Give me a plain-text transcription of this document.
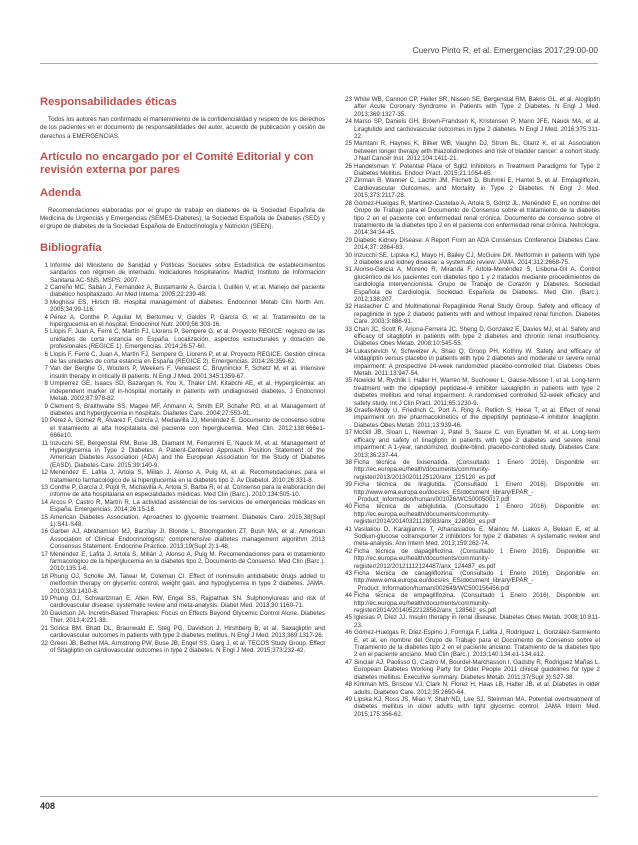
Cuervo Pinto R, et al. Emergencias 2017;29:00-00
Responsabilidades éticas

Todos los autores han confirmado el mantenimiento de la confidencialidad y respeto de los derechos de los pacientes en el documento de responsabilidades del autor, acuerdo de publicación y cesión de derechos a EMERGENCIAS.

Artículo no encargado por el Comité Editorial y con revisión externa por pares
Adenda

Recomendaciones elaboradas por el grupo de trabajo en diabetes de la Sociedad Española de Medicina de Urgencias y Emergencias (SEMES-Diabetes), la Sociedad Española de Diabetes (SED) y el grupo de diabetes de la Sociedad Española de Endocrinología y Nutrición (SEEN).

Bibliografía
1 Informe del Ministerio de Sanidad y Políticas Sociales sobre Estadística de establecimientos sanitarios con régimen de internado. Indicadores hospitalarios. Madrid; Instituto de Información Sanitaria AC-SNS. MSPS; 2007.
2 Carreño MC, Sabán J, Fernandez A, Bustamante A, García I, Guillén V, et al. Manejo del paciente diabético hospitalizado. An Med Interna. 2005;22:239-48.
3 Moghissi ES, Hirsch IB. Hospital management of diabetes. Endocrinol Metab Clin North Am. 2005;34:99-116.
4 Pérez A, Conthe P, Aguilar M, Bertomeu V, Galdós P, García G, et al. Tratamiento de la hiperglucemia en el hospital. Endocrinol Nutr. 2009;56:303-16.
5 Llopis F, Juan A, Ferré C, Martín FJ, Llorens P, Sempere G, et al. Proyecto REGICE: registro de las unidades de corta estancia en España. Localización, aspectos estructurales y dotación de profesionales (REGICE 1). Emergencias. 2014;26:57-60.
6 Llopis F, Ferré C, Juan A, Martín FJ, Sempere G, Llorens P, et al. Proyecto REGICE. Gestión clínica de las unidades de corta estancia en España (REGICE 2). Emergencias. 2014;26:359-62.
7 Van der Berghe G, Wouters P, Weekers F, Verwaest C, Bruyninckx F, Schetz M, et al. Intensive insulin therapy in critically ill patients. N Engl J Med. 2001;345:1359-67.
8 Umpierrez GE, Isaacs SD, Bazargan N, You X, Thaler LM, Kitabchi AE, et al. Hyperglicemia: an independent marker of in-hospital mortality in patients with undiagnosed diabetes. J Endocrinol Metab. 2002;87:978-82.
9 Clement S, Braithwaite SS, Magee MF, Ahmann A, Smith EP, Schafer RG, et al. Management of diabetes and hyperglycemia in hospitals. Diabetes Care. 2004;27:553-91.
10 Pérez A, Gómez R, Álvarez F, García J, Mediavilla JJ, Menéndez E. Documento de consenso sobre el tratamiento al alta hospitalaria del paciente con hiperglucemia. Med Clin. 2012;138:666e1-666e10.
11 Inzucchi SE, Bergenstal RM, Buse JB, Diamant M, Ferrannini E, Nauck M, et al. Management of Hyperglycemia in Type 2 Diabetes: A Patient-Centered Approach. Position Statement of the American Diabetes Association (ADA) and the European Association for the Study of Diabetes (EASD). Diabetes Care. 2015;39:140-9.
12 Menéndez E, Lafita J, Artola S, Millán J, Alonso A, Puig M, et al. Recomendaciones para el tratamiento farmacológico de la hiperglucemia en la diabetes tipo 2. Av Diabetol. 2010;26:331-8.
13 Conthe P, García J, Pujol R, Michavilla A, Artola S, Barba R, et al. Consenso para la elaboración del informe de alta hospitalaria en especialidades médicas. Med Clin (Barc.). 2010;134:505-10.
14 Arcos P, Castro R, Martín R. La actividad asistencial de los servicios de emergencias médicas en España. Emergencias. 2014;26:15-18.
15 American Diabetes Association. Aproaches to glycemic treatment. Diabetes Care. 2015;38(Supl 1):S41-S48.
16 Garber AJ, Abrahamson MJ, Barzilay JI, Blonde L, Bloomgarden ZT, Bush MA, et al. American Association of Clinical Endocrinologists' comprehensive diabetes management algorithm 2013 Consensus Statement. Endocrine Practice. 2013;19(Supl 2):1-48.
17 Menéndez E, Lafita J, Artola S, Millán J, Alonso A, Puig M. Recomendaciones para el tratamiento farmacológico de la hiperglucemia en la diabetes tipo 2. Documento de Consenso. Med Clin (Barc.). 2010;135:1-6.
18 Phung OJ, Scholle JM, Talwar M, Coleman CI. Effect of noninsulin antidiabetic drugs added to metformin therapy on glycemic control, weight gain, and hypoglycemia in type 2 diabetes. JAMA. 2010;303:1410-8.
19 Phung OJ, Schwartzman E, Allen RW, Engel SS, Rajpathak SN. Sulphonylureas and risk of cardiovascular disease: systematic review and meta-analysis. Diabet Med. 2013;30:1160-71.
20 Davidson JA. Incretin-Based Therapies: Focus on Effects Beyond Glycemic Control Alone. Diabetes Ther. 2013;4:221-38.
21 Scirica BM, Bhatt DL, Braunwald E, Steg PG, Davidson J, Hirshberg B, et al. Saxagliptin and cardiovascular outcomes in patients with type 2 diabetes mellitus. N Engl J Med. 2013;369:1317-26.
22 Green JB, Bethel MA, Armstrong PW, Buse JB, Engel SS, Garg J, et al. TECOS Study Group. Effect of Sitagliptin on cardiovascular outcomes in type 2 diabetes. N Engl J Med. 2015;373:232-42.
23 White WB, Cannon CP, Heller SR, Nissen SE, Bergenstal RM, Bakris GL, et al. Alogliptin after Acute Coronary Syndrome in Patients with Type 2 Diabetes. N Engl J Med. 2013;369:1327-35.
24 Marso SP, Daniels GH, Brown-Frandsen K, Kristensen P, Mann JFE, Nauck MA, et al. Liraglutide and cardiovascular outcomes in type 2 diabetes. N Engl J Med. 2016;375:311-22.
25 Mamtani R, Haynes K, Bilker WB, Vaughn DJ, Strom BL, Glanz K, et al. Association between longer therapy with thiazolidinediones and risk of bladder cancer: a cohort study. J Natl Cancer Inst. 2012;104:1411-21.
26 Handelsman Y. Potential Place of Sglt2 Inhibitors in Treatment Paradigms for Type 2 Diabetes Mellitus. Endocr Pract. 2015;21:1054-65.
27 Zinman B, Wanner C, Lachin JM, Fitchett D, Bluhmki E, Hantel S, et al. Empagliflozin, Cardiovascular Outcomes, and Mortality in Type 2 Diabetes. N Engl J Med. 2015;373:2117-28.
28 Gómez-Huelgas R, Martínez-Castelao A, Artola S, Górriz JL, Menéndez E, en nombre del Grupo de Trabajo para el Documento de Consenso sobre el tratamiento de la diabetes tipo 2 en el paciente con enfermedad renal crónica. Documento de consenso sobre el tratamiento de la diabetes tipo 2 en el paciente con enfermedad renal crónica. Nefrología. 2014;34:34-45.
29 Diabetic Kidney Disease: A Report From an ADA Consensus Conference Diabetes Care. 2014;37: 2864-83.
30 Inzucchi SE, Lipska KJ, Mayo H, Bailey CJ, McGuire DK. Metformin in patients with type 2 diabetes and kidney disease: a systematic review. JAMA. 2014;312:2668-75.
31 Alonso-García A, Moreno R, Miranda F, Artola-Menéndez S, Lisbona-Gil A. Control glucémico de los pacientes con diabetes tipo 1 y 2 tratados mediante procedimientos de cardiología intervencionista. Grupo de Trabajo de Corazón y Diabetes. Sociedad Española de Cardiología. Sociedad Española de Diabetes. Med Clin. (Barc.). 2012;138:207.
32 Haslacher C and Multinational Repaglinide Renal Study Group. Safety and efficacy of repaglinide in type 2 diabetic patients with and without impaired renal function. Diabetes Care. 2003;3:886-91.
33 Chan JC, Scott R, Arjona-Ferreira JC, Sheng D, Gonzalez E, Davies MJ, et al. Safety and efficacy of sitagliptin in patients with type 2 diabetes and chronic renal insufficiency. Diabetes Obes Metab. 2008;10:545-55.
34 Lukashevich V, Schweizer A, Shao Q, Groop PH, Kothny W. Safety and efficacy of vildagliptin versus placebo in patients with type 2 diabetes and moderate or severe renal impairment: A prospective 24-week randomized placebo-controlled trial. Diabetes Obes Metab. 2011;13:947-54.
35 Nowicki M, Rychlik I, Haller H, Warren M, Suchower L, Gause-Nilsson I, et al. Long-term treatment with the dipeptidyl peptidase-4 inhibitor saxagliptin in patients with type 2 diabetes mellitus and renal impairment: A randomised controlled 52-week efficacy and safety study. Int J Clin Pract. 2011;65:1230-9.
36 Graefe-Mody U, Friedrich C, Port A, Ring A, Retlich S, Heise T, et al. Effect of renal impairment on the pharmacokinetics of the dipeptidyl peptidase-4 inhibitor linagliptin. Diabetes Obes Metab. 2011;13:939-46.
37 McGill JB, Sloan L, Newman J, Patel S, Sauce C, von Eynatten M, et al. Long-term efficacy and safety of linagliptin in patients with type 2 diabetes and severe renal impairment: A 1-year, randomized, double-blind, placebo-controlled study. Diabetes Care. 2013;36:237-44.
38 Ficha técnica de lixisenatida. (Consultado 1 Enero 2016). Disponible en: http://ec.europa.eu/health/documents/community-register/2013/20130201125120/anx_125120_es.pdf
39 Ficha técnica de liraglutida. (Consultado 1 Enero 2016). Disponible en: http://www.ema.europa.eu/docs/es_ES/document_library/EPAR_-_Product_Information/human/001026/WC500050017.pdf
40 Ficha técnica de albiglutida. (Consultado 1 Enero 2016). Disponible en: http://ec.europa.eu/health/documents/community-register/2014/20140321128083/anx_128083_es.pdf
41 Vasilakou D, Karagiannis T, Athanasiadou E, Mainou M, Liakos A, Bekiari E, et al. Sodium-glucose cotransporter 2 inhibitors for type 2 diabetes: A systematic review and meta-analysis. Ann Intern Med. 2013;159:262-74.
42 Ficha técnica de dapagliflozina. (Consultado 1 Enero 2016). Disponible en: http://ec.europa.eu/health/documents/community-register/2012/20121112124487/anx_124487_es.pdf
43 Ficha técnica de canagliflozina. (Consultado 1 Enero 2016). Disponible en: http://www.ema.europa.eu/docs/es_ES/document_library/EPAR_-_Product_Information/human/002649/WC500156456.pdf
44 Ficha técnica de empagliflozina. (Consultado 1 Enero 2016). Disponible en: http://ec.europa.eu/health/documents/community-register/2014/20140522128562/anx_128562_es.pdf
45 Iglesias P, Díez JJ. Insulin therapy in renal disease. Diabetes Obes Metab. 2008;10:811-23.
46 Gómez-Huelgas R, Díez-Espino J, Formiga F, Lafita J, Rodríguez L, González-Sarmiento E, et al, en nombre del Grupo de Trabajo para el Documento de Consenso sobre el Tratamiento de la diabetes tipo 2 en el paciente anciano. Tratamiento de la diabetes tipo 2 en el paciente anciano. Med Clin (Barc.). 2013;140:134.e1-134.e12.
47 Sinclair AJ, Paolisso G, Castro M, Bourdel-Marchasson I, Gadsby R, Rodriguez Mañas L. European Diabetes Working Party for Older People 2011 clinical guidelines for type 2 diabetes mellitus. Executive summary. Diabetes Metab. 2011;37(Supl 3):S27-38.
48 Kirkman MS, Briscoe VJ, Clark N, Florez H, Haas LB, Halter JB, et al. Diabetes in older adults. Diabetes Care. 2012;35:2650-64.
49 Lipska KJ, Ross JS, Miao Y, Shah ND, Lee SJ, Steinman MA. Potential overtreatment of diabetes mellitus in older adults with tight glycemic control. JAMA Intern Med. 2015;175:356-62.
408
